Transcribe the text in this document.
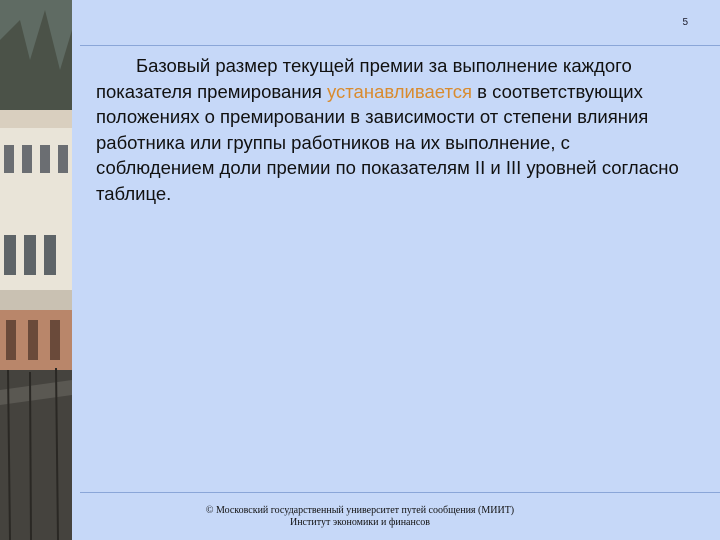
5

Базовый размер текущей премии за выполнение каждого показателя премирования устанавливается в соответствующих положениях о премировании в зависимости от степени влияния работника или группы работников на их выполнение, с соблюдением доли премии по показателям II и III уровней согласно таблице.

© Московский государственный университет путей сообщения (МИИТ)
Институт экономики и финансов
